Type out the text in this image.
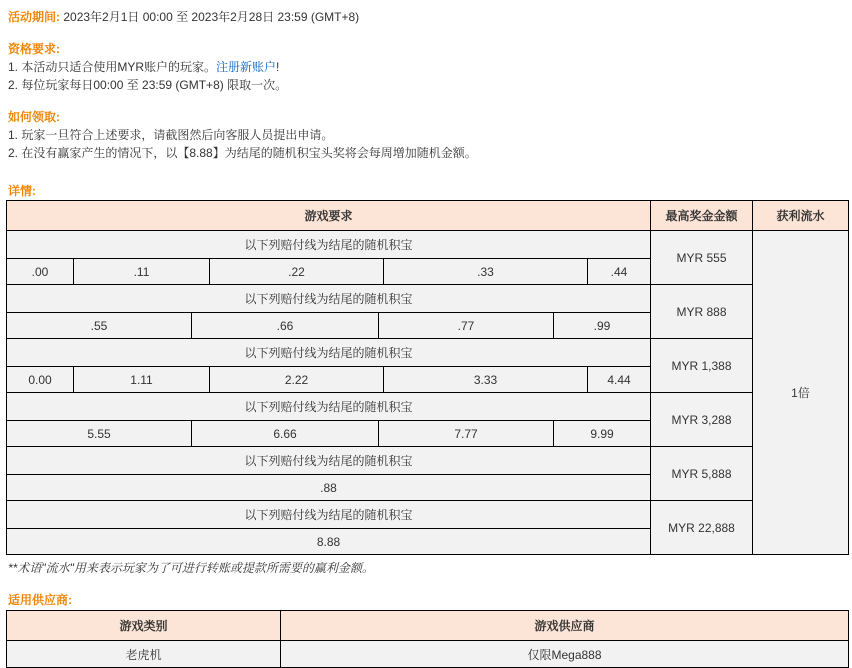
活动期间: 2023年2月1日 00:00 至 2023年2月28日 23:59 (GMT+8)

资格要求:

1. 本活动只适合使用MYR账户的玩家。注册新账户!

2. 每位玩家每日00:00 至 23:59 (GMT+8) 限取一次。

如何领取:

1. 玩家一旦符合上述要求，请截图然后向客服人员提出申请。

2. 在没有赢家产生的情况下，以【8.88】为结尾的随机积宝头奖将会每周增加随机金额。

详情:

游戏要求	最高奖金金额	获利流水
以下列赔付线为结尾的随机积宝	MYR 555	1倍

.00 .11 .22 .33 .44		

以下列赔付线为结尾的随机积宝	MYR 888	

.55 .66 .77 .99		

以下列赔付线为结尾的随机积宝	MYR 1,388	

0.00 1.11 2.22 3.33 4.44		

以下列赔付线为结尾的随机积宝	MYR 3,288	

5.55 6.66 7.77 9.99		

以下列赔付线为结尾的随机积宝	MYR 5,888	

.88		

以下列赔付线为结尾的随机积宝	MYR 22,888	

8.88		

**术语"流水"用来表示玩家为了可进行转账或提款所需要的赢利金额。

适用供应商:

游戏类别	游戏供应商
老虎机	仅限Mega888
